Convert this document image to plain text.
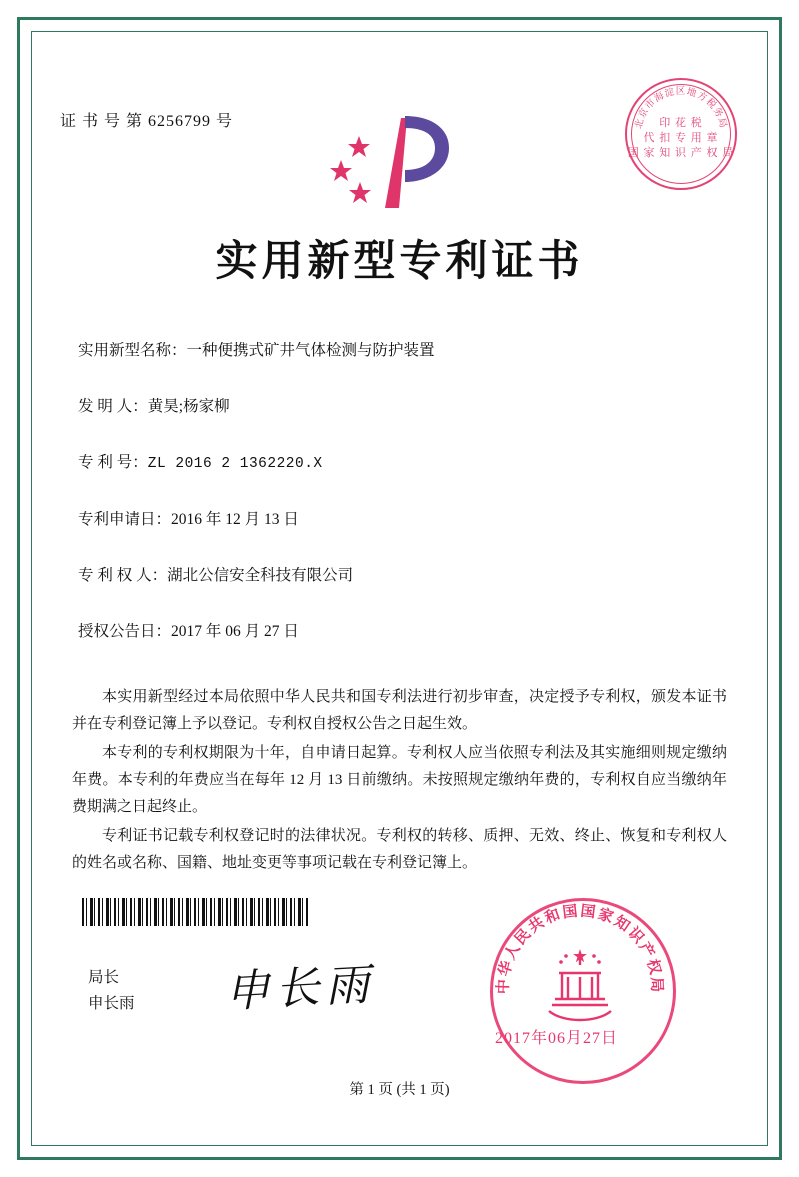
证 书 号 第 6256799 号	北京市海淀区地方税务局
印 花 税
代 扣 专 用 章
国 家 知 识 产 权 局
实用新型专利证书
实用新型名称：一种便携式矿井气体检测与防护装置
发 明 人：黄昊;杨家柳
专 利 号：ZL 2016 2 1362220.X
专利申请日：2016 年 12 月 13 日
专 利 权 人：湖北公信安全科技有限公司
授权公告日：2017 年 06 月 27 日

本实用新型经过本局依照中华人民共和国专利法进行初步审查，决定授予专利权，颁发本证书并在专利登记簿上予以登记。专利权自授权公告之日起生效。

本专利的专利权期限为十年，自申请日起算。专利权人应当依照专利法及其实施细则规定缴纳年费。本专利的年费应当在每年 12 月 13 日前缴纳。未按照规定缴纳年费的，专利权自应当缴纳年费期满之日起终止。

专利证书记载专利权登记时的法律状况。专利权的转移、质押、无效、终止、恢复和专利权人的姓名或名称、国籍、地址变更等事项记载在专利登记簿上。

局长
申长雨 申长雨	中华人民共和国国家知识产权局
2017年06月27日
第 1 页 (共 1 页)
